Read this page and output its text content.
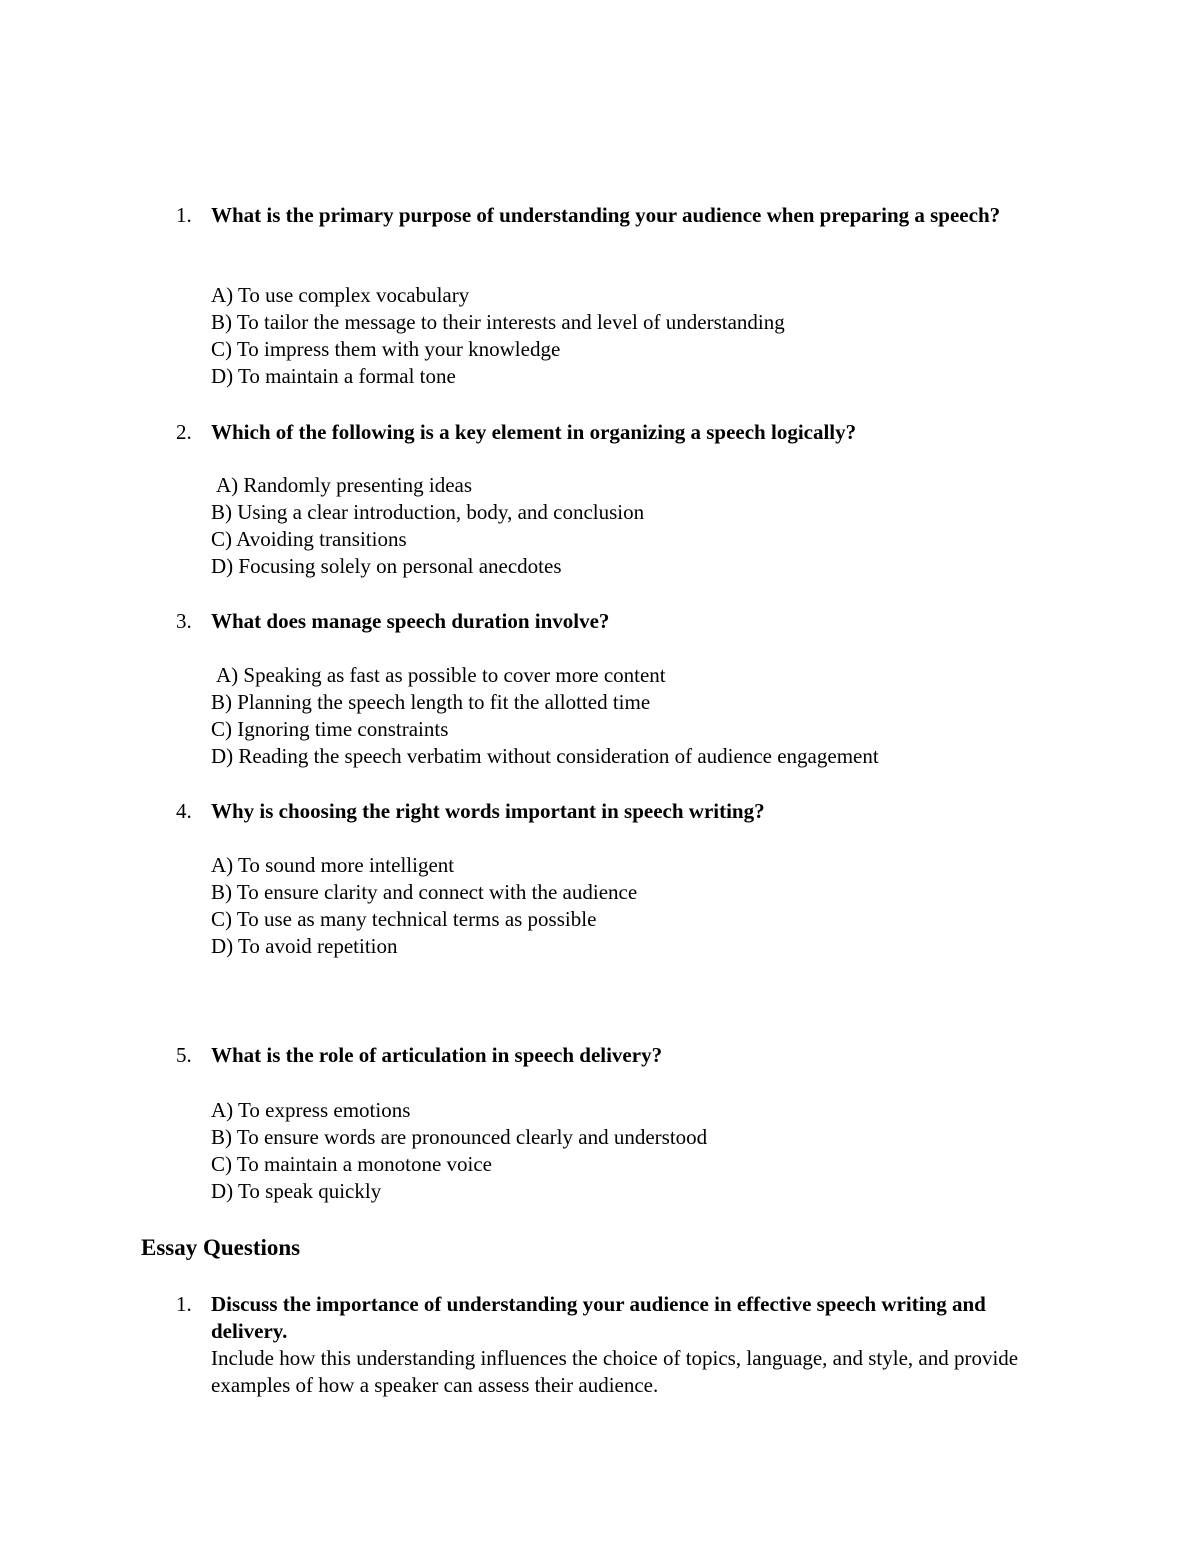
1. What is the primary purpose of understanding your audience when preparing a speech?
A) To use complex vocabulary
B) To tailor the message to their interests and level of understanding
C) To impress them with your knowledge
D) To maintain a formal tone
2. Which of the following is a key element in organizing a speech logically?
A) Randomly presenting ideas
B) Using a clear introduction, body, and conclusion
C) Avoiding transitions
D) Focusing solely on personal anecdotes
3. What does manage speech duration involve?
A) Speaking as fast as possible to cover more content
B) Planning the speech length to fit the allotted time
C) Ignoring time constraints
D) Reading the speech verbatim without consideration of audience engagement
4. Why is choosing the right words important in speech writing?
A) To sound more intelligent
B) To ensure clarity and connect with the audience
C) To use as many technical terms as possible
D) To avoid repetition
5. What is the role of articulation in speech delivery?
A) To express emotions
B) To ensure words are pronounced clearly and understood
C) To maintain a monotone voice
D) To speak quickly
Essay Questions
1. Discuss the importance of understanding your audience in effective speech writing and delivery.
Include how this understanding influences the choice of topics, language, and style, and provide examples of how a speaker can assess their audience.
